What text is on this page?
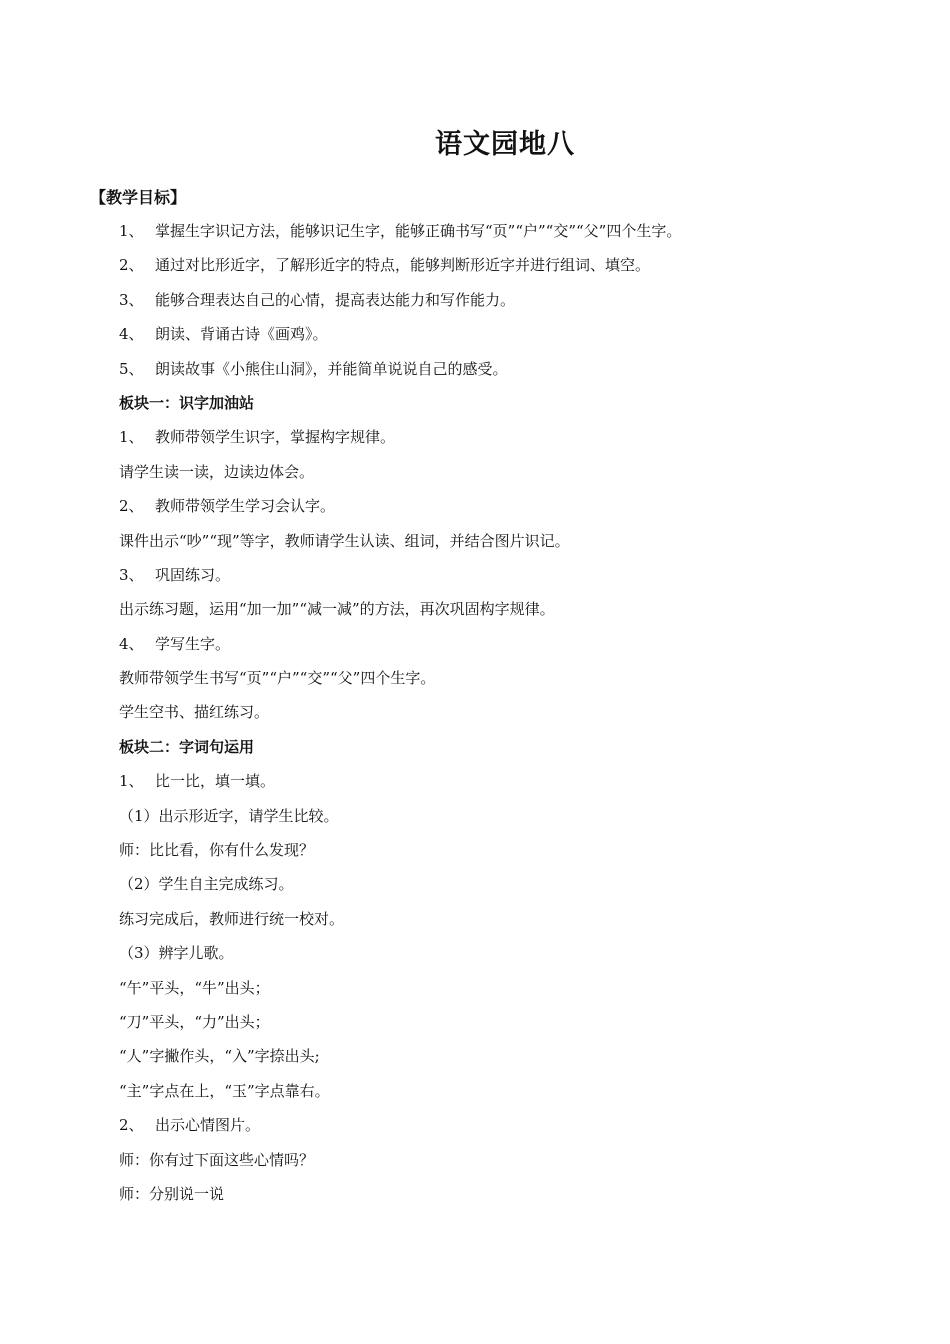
语文园地八
【教学目标】
1、 掌握生字识记方法，能够识记生字，能够正确书写“页”“户”“交”“父”四个生字。
2、 通过对比形近字，了解形近字的特点，能够判断形近字并进行组词、填空。
3、 能够合理表达自己的心情，提高表达能力和写作能力。
4、 朗读、背诵古诗《画鸡》。
5、 朗读故事《小熊住山洞》，并能简单说说自己的感受。
板块一：识字加油站
1、 教师带领学生识字，掌握构字规律。
请学生读一读，边读边体会。
2、 教师带领学生学习会认字。
课件出示“吵”“现”等字，教师请学生认读、组词，并结合图片识记。
3、 巩固练习。
出示练习题，运用“加一加”“减一减”的方法，再次巩固构字规律。
4、 学写生字。
教师带领学生书写“页”“户”“交”“父”四个生字。
学生空书、描红练习。
板块二：字词句运用
1、 比一比，填一填。
（1）出示形近字，请学生比较。
师：比比看，你有什么发现？
（2）学生自主完成练习。
练习完成后，教师进行统一校对。
（3）辨字儿歌。
“午”平头，“牛”出头；
“刀”平头，“力”出头；
“人”字撇作头，“入”字捺出头;
“主”字点在上，“玉”字点靠右。
2、 出示心情图片。
师：你有过下面这些心情吗？
师：分别说一说
